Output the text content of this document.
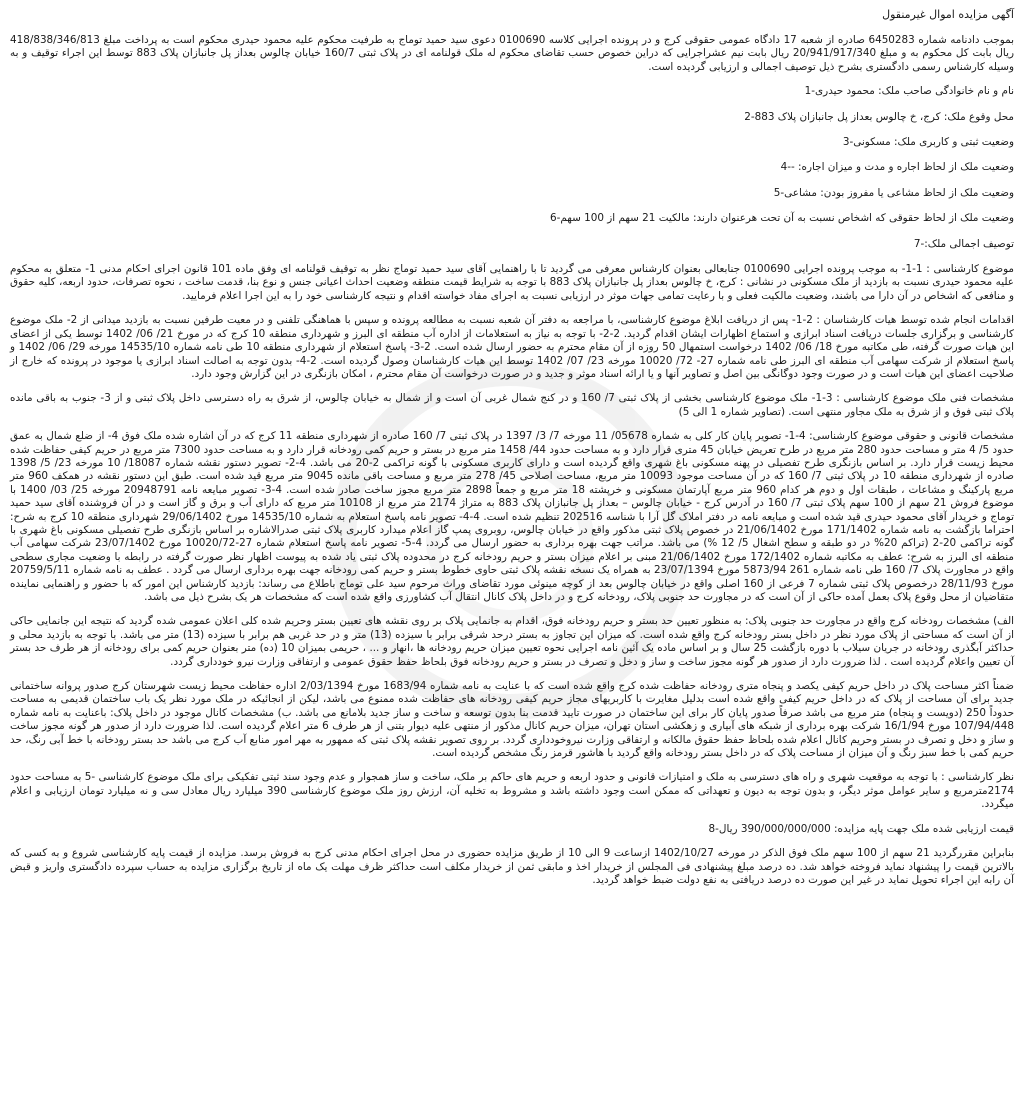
آگهی مزایده اموال غیرمنقول

بموجب دادنامه شماره 6450283 صادره از شعبه 17 دادگاه عمومی حقوقی کرج و در پرونده اجرایی کلاسه 0100690 دعوی سید حمید توماج به طرفیت محکوم علیه محمود حیدری محکوم است به پرداخت مبلغ 418/838/346/813 ریال بابت کل محکوم به و مبلغ 20/941/917/340 ریال بابت نیم عشراجرایی که دراین خصوص حسب تقاضای محکوم له ملک قولنامه ای در پلاک ثبتی 160/7 خیابان چالوس بعداز پل جانبازان پلاک 883 توسط این اجراء توقیف و به وسیله کارشناس رسمی دادگستری بشرح ذیل توصیف اجمالی و ارزیابی گردیده است.

نام و نام خانوادگی صاحب ملک: محمود حیدری-1

محل وقوع ملک: کرج، خ چالوس بعداز پل جانبازان پلاک 883-2

وضعیت ثبتی و کاربری ملک: مسکونی-3

وضعیت ملک از لحاظ اجاره و مدت و میزان اجاره: --4

وضعیت ملک از لحاظ مشاعی یا مفروز بودن: مشاعی-5

وضعیت ملک از لحاظ حقوقی که اشخاص نسبت به آن تحت هرعنوان دارند: مالکیت 21 سهم از 100 سهم-6

توصیف اجمالی ملک:-7

موضوع کارشناسی : 1-1- به موجب پرونده اجرایی 0100690 جنابعالی بعنوان کارشناس معرفی می گردید تا با راهنمایی آقای سید حمید توماج نظر به توقیف قولنامه ای وفق ماده 101 قانون اجرای احکام مدنی 1- متعلق به محکوم علیه محمود حیدری نسبت به بازدید از ملک مسکونی در نشانی : کرج، خ چالوس بعداز پل جانبازان پلاک 883 با توجه به شرایط قیمت منطقه وضعیت احداث اعیانی جنس و نوع بنا، قدمت ساخت ، نحوه تصرفات، حدود اربعه، کلیه حقوق و منافعی که اشخاص در آن دارا می باشند، وضعیت مالکیت فعلی و با رعایت تمامی جهات موثر در ارزیابی نسبت به اجرای مفاد خواسته اقدام و نتیجه کارشناسی خود را به این اجرا اعلام فرمایید.

اقدامات انجام شده توسط هیات کارشناسان : 2-1- پس از دریافت ابلاغ موضوع کارشناسی، با مراجعه به دفتر آن شعبه نسبت به مطالعه پرونده و سپس با هماهنگی تلفنی و در معیت طرفین نسبت به بازدید میدانی از 2- ملک موضوع کارشناسی و برگزاری جلسات دریافت اسناد ابرازی و استماع اظهارات ایشان اقدام گردید. 2-2- با توجه به نیاز به استعلامات از اداره آب منطقه ای البرز و شهرداری منطقه 10 کرج که در مورخ 21/ 06/ 1402 توسط یکی از اعضای این هیات صورت گرفته، طی مکاتبه مورخ 18/ 06/ 1402 درخواست استمهال 50 روزه از آن مقام محترم به حضور ارسال شده است. 2-3- پاسخ استعلام از شهرداری منطقه 10 طی نامه شماره 14535/10 مورخه 29/ 06/ 1402 و پاسخ استعلام از شرکت سهامی آب منطقه ای البرز طی نامه شماره 27- 72/ 10020 مورخه 23/ 07/ 1402 توسط این هیات کارشناسان وصول گردیده است. 2-4- بدون توجه به اصالت اسناد ابرازی یا موجود در پرونده که خارج از صلاحیت اعضای این هیات است و در صورت وجود دوگانگی بین اصل و تصاویر آنها و یا ارائه اسناد موثر و جدید و در صورت درخواست آن مقام محترم ، امکان بازنگری در این گزارش وجود دارد.

مشخصات فنی ملک موضوع کارشناسی : 3-1- ملک موضوع کارشناسی بخشی از پلاک ثبتی 7/ 160 و در کنج شمال غربی آن است و از شمال به خیابان چالوس، از شرق به راه دسترسی داخل پلاک ثبتی و از 3- جنوب به باقی مانده پلاک ثبتی فوق و از شرق به ملک مجاور منتهی است. (تصاویر شماره 1 الی 5)

مشخصات قانونی و حقوقی موضوع کارشناسی: 4-1- تصویر پایان کار کلی به شماره 05678/ 11 مورخه 7/ 3/ 1397 در پلاک ثبتی 7/ 160 صادره از شهرداری منطقه 11 کرج که در آن اشاره شده ملک فوق 4- از ضلع شمال به عمق حدود 5/ 4 متر و مساحت حدود 280 متر مربع در طرح تعریض خیابان 45 متری قرار دارد و به مساحت حدود 44/ 1458 متر مربع در بستر و حریم کمی رودخانه قرار دارد و به مساحت حدود 7300 متر مربع در حریم کیفی حفاظت شده محیط زیست قرار دارد. بر اساس بازنگری طرح تفصیلی در پهنه مسکونی باغ شهری واقع گردیده است و دارای کاربری مسکونی با گونه تراکمی 2-20 می باشد. 4-2- تصویر دستور نقشه شماره 18087/ 10 مورخه 23/ 5/ 1398 صادره از شهرداری منطقه 10 در پلاک ثبتی 7/ 160 که در آن مساحت موجود 10093 متر مربع، مساحت اصلاحی 45/ 278 متر مربع و مساحت باقی مانده 9045 متر مربع قید شده است. طبق این دستور نقشه در همکف 960 متر مربع پارکینگ و مشاعات ، طبقات اول و دوم هر کدام 960 متر مربع آپارتمان مسکونی و خرپشته 18 متر مربع و جمعاً 2898 متر مربع مجوز ساخت صادر شده است. 4-3- تصویر مبایعه نامه 20948791 مورخه 25/ 03/ 1400 با موضوع فروش 21 سهم از 100 سهم پلاک ثبتی 7/ 160 در آدرس کرج - خیابان چالوس – بعداز پل جانبازان پلاک 883 به متراژ 2174 متر مربع از 10108 متر مربع که دارای آب و برق و گاز است و در آن فروشنده آقای سید حمید توماج و خریدار آقای محمود حیدری قید شده است و مبایعه نامه در دفتر املاک گل آرا با شناسه 202516 تنظیم شده است. 4-4- تصویر نامه پاسخ استعلام به شماره 14535/10 مورخ 29/06/1402 شهرداری منطقه 10 کرج به شرح: احتراما بازگشت به نامه شماره 171/1402 مورخ 21/06/1402 در خصوص پلاک ثبتی مذکور واقع در خیابان چالوس، روبروی پمپ گاز اعلام میدارد کاربری پلاک ثبتی صدرالاشاره بر اساس بازنگری طرح تفصیلی مسکونی باغ شهری با گونه تراکمی 20-2 (تراکم 20% در دو طبقه و سطح اشغال 5/ 12 %) می باشد. مراتب جهت بهره برداری به حضور ارسال می گردد. 4-5- تصویر نامه پاسخ استعلام شماره 27-10020/72 مورخ 23/07/1402 شرکت سهامی آب منطقه ای البرز به شرح: عطف به مکاتبه شماره 172/1402 مورخ 21/06/1402 مبنی بر اعلام میزان بستر و حریم رودخانه کرج در محدوده پلاک ثبتی یاد شده به پیوست اظهار نظر صورت گرفته در رابطه با وضعیت مجاری سطحی واقع در مجاورت پلاک 7/ 160 طی نامه شماره 261 5873/94 مورخ 23/07/1394 به همراه یک نسخه نقشه پلاک ثبتی حاوی خطوط بستر و حریم کمی رودخانه جهت بهره برداری ارسال می گردد . عطف به نامه شماره 20759/5/11 مورخ 28/11/93 درخصوص پلاک ثبتی شماره 7 فرعی از 160 اصلی واقع در خیابان چالوس بعد از کوچه مینوئی مورد تقاضای وراث مرحوم سید علی توماج باطلاع می رساند: بازدید کارشناس این امور که با حضور و راهنمایی نماینده متقاضیان از محل وقوع پلاک بعمل آمده حاکی از آن است که در مجاورت حد جنوبی پلاک، رودخانه کرج و در داخل پلاک کانال انتقال آب کشاورزی واقع شده است که مشخصات هر یک بشرح ذیل می باشد.

الف) مشخصات رودخانه کرج واقع در مجاورت حد جنوبی پلاک: به منظور تعیین حد بستر و حریم رودخانه فوق، اقدام به جانمایی پلاک بر روی نقشه های تعیین بستر وحریم شده کلی اعلان عمومی شده گردید که نتیجه این جانمایی حاکی از آن است که مساحتی از پلاک مورد نظر در داخل بستر رودخانه کرج واقع شده است. که میزان این تجاوز به بستر درحد شرقی برابر با سیزده (13) متر و در حد غربی هم برابر با سیزده (13) متر می باشد. با توجه به بازدید محلی و حداکثر آبگذری رودخانه در جریان سیلاب با دوره بازگشت 25 سال و بر اساس ماده یک آئین نامه اجرایی نحوه تعیین میزان حریم رودخانه ها ،انهار و ... ، حریمی بمیزان 10 (ده) متر بعنوان حریم کمی برای رودخانه از هر طرف حد بستر آن تعیین واعلام گردیده است . لذا ضرورت دارد از صدور هر گونه مجوز ساخت و ساز و دخل و تصرف در بستر و حریم رودخانه فوق بلحاظ حفظ حقوق عمومی و ارتفاقی وزارت نیرو خودداری گردد.

ضمناً اکثر مساحت پلاک در داخل حریم کیفی یکصد و پنجاه متری رودخانه حفاظت شده کرج واقع شده است که با عنایت به نامه شماره 1683/94 مورخ 2/03/1394 اداره حفاظت محیط زیست شهرستان کرج صدور پروانه ساختمانی جدید برای آن مساحت از پلاک که در داخل حریم کیفی واقع شده است بدلیل مغایرت با کاربریهای مجاز حریم کیفی رودخانه های حفاظت شده ممنوع می باشد، لیکن از انجائیکه در ملک مورد نظر یک باب ساختمان قدیمی به مساحت حدوداً 250 (دویست و پنجاه) متر مربع می باشد صرفاً صدور پایان کار برای این ساختمان در صورت تایید قدمت بنا بدون توسعه و ساخت و ساز جدید بلامانع می باشد. ب) مشخصات کانال موجود در داخل پلاک: باعنایت به نامه شماره 107/94/448 مورخ 16/1/94 شرکت بهره برداری از شبکه های آبیاری و زهکشی استان تهران، میزان حریم کانال مذکور از منتهی علیه دیوار بتنی از هر طرف 6 متر اعلام گردیده است. لذا ضرورت دارد از صدور هر گونه مجوز ساخت و ساز و دخل و تصرف در بستر وحریم کانال اعلام شده بلحاظ حفظ حقوق مالکانه و ارتفاقی وزارت نیروخودداری گردد. بر روی تصویر نقشه پلاک ثبتی که ممهور به مهر امور منابع آب کرج می باشد حد بستر رودخانه با خط آبی رنگ، حد حریم کمی با خط سبز رنگ و آن میزان از مساحت پلاک که در داخل بستر رودخانه واقع گردید با هاشور قرمز رنگ مشخص گردیده است.

نظر کارشناسی : با توجه به موقعیت شهری و راه های دسترسی به ملک و امتیازات قانونی و حدود اربعه و حریم های حاکم بر ملک، ساخت و ساز همجوار و عدم وجود سند ثبتی تفکیکی برای ملک موضوع کارشناسی -5 به مساحت حدود 2174مترمربع و سایر عوامل موثر دیگر، و بدون توجه به دیون و تعهداتی که ممکن است وجود داشته باشد و مشروط به تخلیه آن، ارزش روز ملک موضوع کارشناسی 390 میلیارد ریال معادل سی و نه میلیارد تومان ارزیابی و اعلام میگردد.

قیمت ارزیابی شده ملک جهت پایه مزایده: 390/000/000/000 ریال-8

بنابراین مقررگردید 21 سهم از 100 سهم ملک فوق الذکر در مورخه 1402/10/27 ازساعت 9 الی 10 از طریق مزایده حضوری در محل اجرای احکام مدنی کرج به فروش برسد. مزایده از قیمت پایه کارشناسی شروع و به کسی که بالاترین قیمت را پیشنهاد نماید فروخته خواهد شد. ده درصد مبلغ پیشنهادی فی المجلس از خریدار اخذ و مابقی ثمن از خریدار مکلف است حداکثر ظرف مهلت یک ماه از تاریخ برگزاری مزایده به حساب سپرده دادگستری واریز و قبض آن رابه این اجراء تحویل نماید در غیر این صورت ده درصد دریافتی به نفع دولت ضبط خواهد گردید.
